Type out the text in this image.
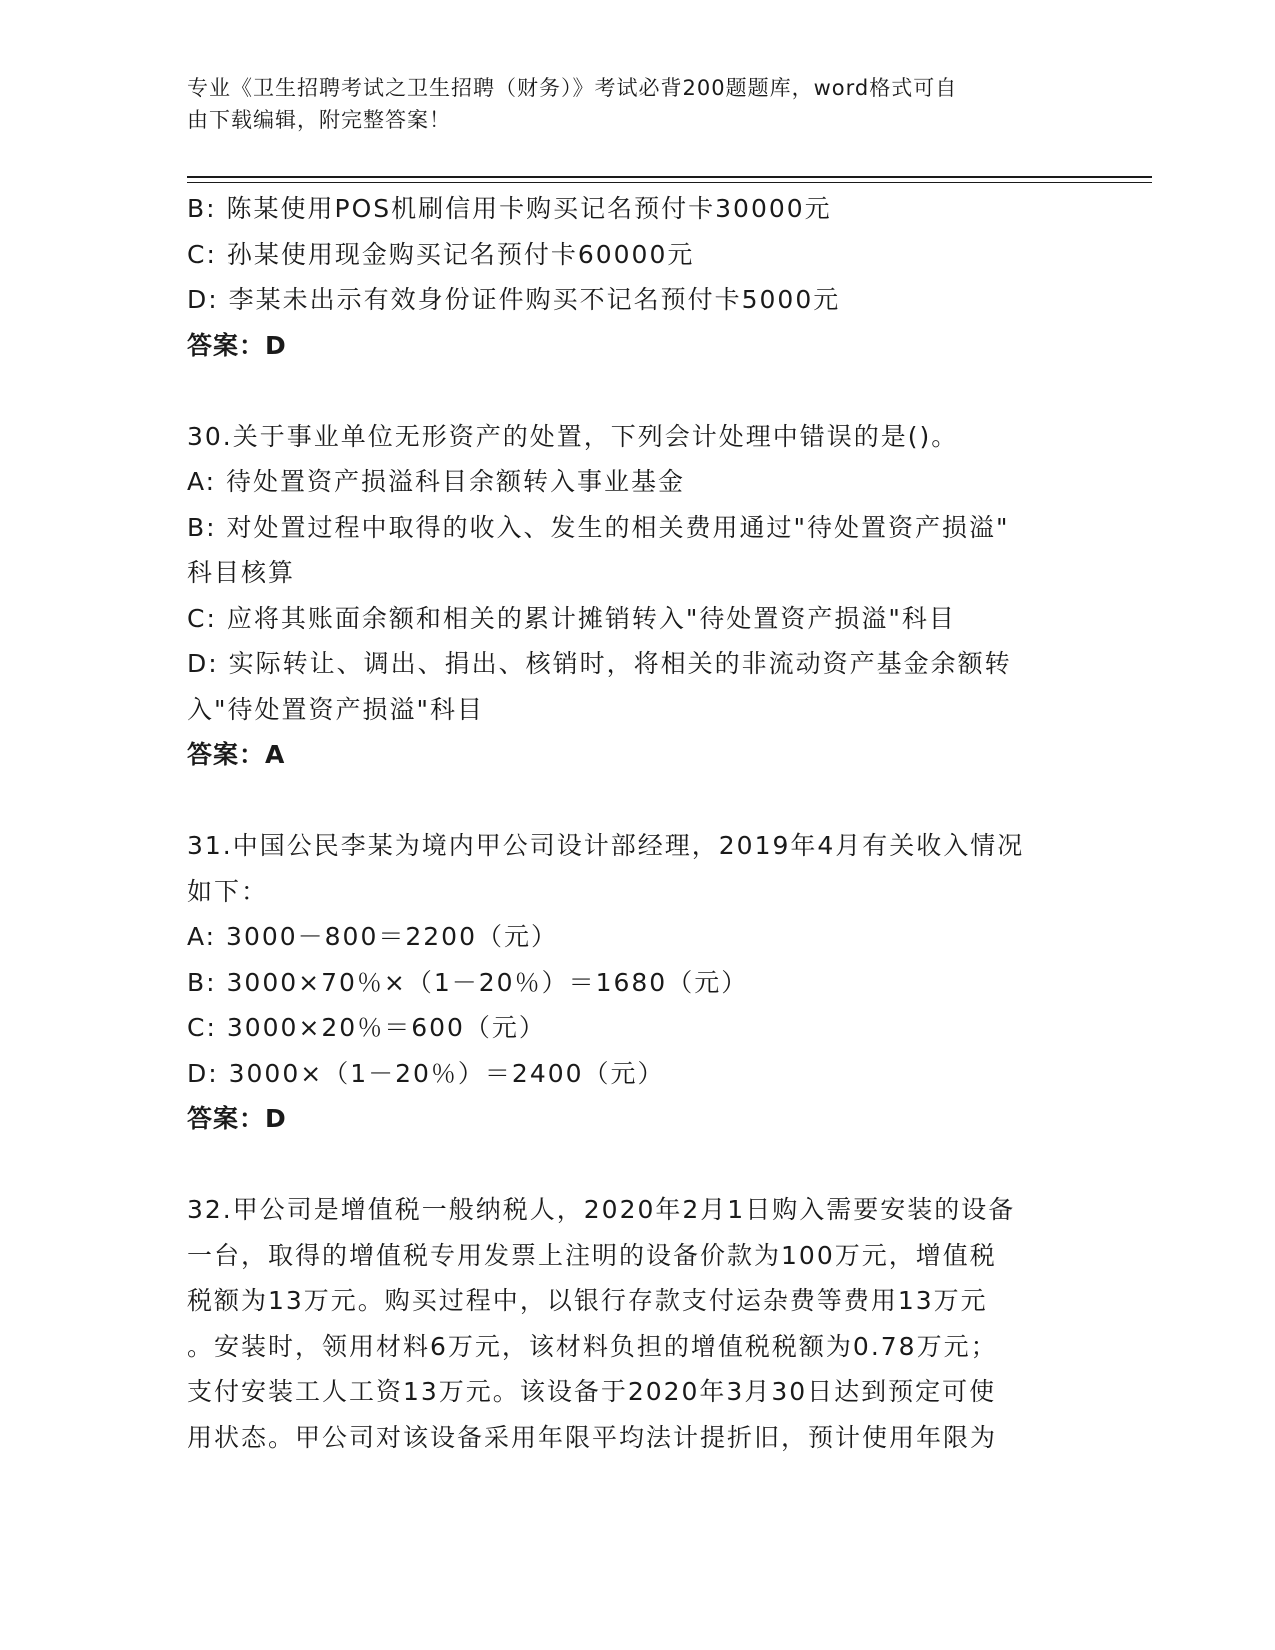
专业《卫生招聘考试之卫生招聘（财务）》考试必背200题题库，word格式可自
由下载编辑，附完整答案！
B: 陈某使用POS机刷信用卡购买记名预付卡30000元
C: 孙某使用现金购买记名预付卡60000元
D: 李某未出示有效身份证件购买不记名预付卡5000元
答案：D
30.关于事业单位无形资产的处置，下列会计处理中错误的是()。
A: 待处置资产损溢科目余额转入事业基金
B: 对处置过程中取得的收入、发生的相关费用通过"待处置资产损溢"
科目核算
C: 应将其账面余额和相关的累计摊销转入"待处置资产损溢"科目
D: 实际转让、调出、捐出、核销时，将相关的非流动资产基金余额转
入"待处置资产损溢"科目
答案：A
31.中国公民李某为境内甲公司设计部经理，2019年4月有关收入情况
如下：
A: 3000－800＝2200（元）
B: 3000×70％×（1－20％）＝1680（元）
C: 3000×20％＝600（元）
D: 3000×（1－20％）＝2400（元）
答案：D
32.甲公司是增值税一般纳税人，2020年2月1日购入需要安装的设备
一台，取得的增值税专用发票上注明的设备价款为100万元，增值税
税额为13万元。购买过程中，以银行存款支付运杂费等费用13万元
。安装时，领用材料6万元，该材料负担的增值税税额为0.78万元；
支付安装工人工资13万元。该设备于2020年3月30日达到预定可使
用状态。甲公司对该设备采用年限平均法计提折旧，预计使用年限为
